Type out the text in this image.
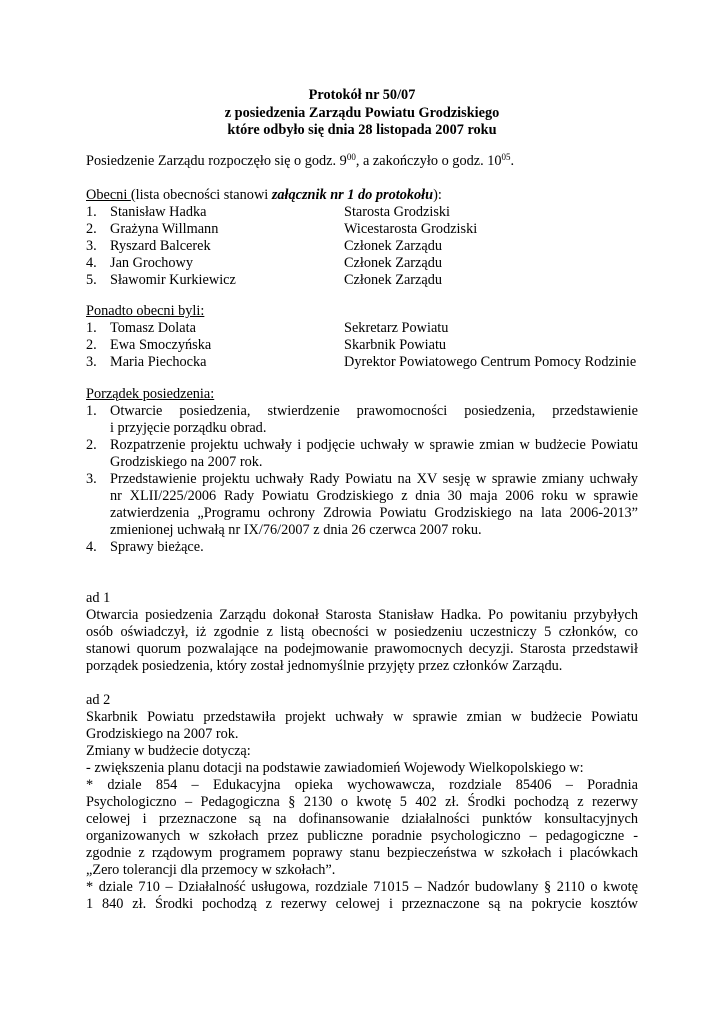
Protokół nr 50/07
z posiedzenia Zarządu Powiatu Grodziskiego
które odbyło się dnia 28 listopada 2007 roku
Posiedzenie Zarządu rozpoczęło się o godz. $9^{00}$, a zakończyło o godz. $10^{05}$.
Obecni (lista obecności stanowi załącznik nr 1 do protokołu):
1. Stanisław Hadka	Starosta Grodziski
2. Grażyna Willmann	Wicestarosta Grodziski
3. Ryszard Balcerek	Członek Zarządu
4. Jan Grochowy	Członek Zarządu
5. Sławomir Kurkiewicz	Członek Zarządu
Ponadto obecni byli:
1. Tomasz Dolata	Sekretarz Powiatu
2. Ewa Smoczyńska	Skarbnik Powiatu
3. Maria Piechocka	Dyrektor Powiatowego Centrum Pomocy Rodzinie
Porządek posiedzenia:
1. Otwarcie posiedzenia, stwierdzenie prawomocności posiedzenia, przedstawienie
i przyjęcie porządku obrad.
2. Rozpatrzenie projektu uchwały i podjęcie uchwały w sprawie zmian w budżecie Powiatu
Grodziskiego na 2007 rok.
3. Przedstawienie projektu uchwały Rady Powiatu na XV sesję w sprawie zmiany uchwały
nr XLII/225/2006 Rady Powiatu Grodziskiego z dnia 30 maja 2006 roku w sprawie
zatwierdzenia „Programu ochrony Zdrowia Powiatu Grodziskiego na lata 2006-2013”
zmienionej uchwałą nr IX/76/2007 z dnia 26 czerwca 2007 roku.
4. Sprawy bieżące.
ad 1
Otwarcia posiedzenia Zarządu dokonał Starosta Stanisław Hadka. Po powitaniu przybyłych
osób oświadczył, iż zgodnie z listą obecności w posiedzeniu uczestniczy 5 członków, co
stanowi quorum pozwalające na podejmowanie prawomocnych decyzji. Starosta przedstawił
porządek posiedzenia, który został jednomyślnie przyjęty przez członków Zarządu.
ad 2
Skarbnik Powiatu przedstawiła projekt uchwały w sprawie zmian w budżecie Powiatu
Grodziskiego na 2007 rok.
Zmiany w budżecie dotyczą:
- zwiększenia planu dotacji na podstawie zawiadomień Wojewody Wielkopolskiego w:
* dziale 854 – Edukacyjna opieka wychowawcza, rozdziale 85406 – Poradnia
Psychologiczno – Pedagogiczna § 2130 o kwotę 5 402 zł. Środki pochodzą z rezerwy
celowej i przeznaczone są na dofinansowanie działalności punktów konsultacyjnych
organizowanych w szkołach przez publiczne poradnie psychologiczno – pedagogiczne -
zgodnie z rządowym programem poprawy stanu bezpieczeństwa w szkołach i placówkach
„Zero tolerancji dla przemocy w szkołach”.
* dziale 710 – Działalność usługowa, rozdziale 71015 – Nadzór budowlany § 2110 o kwotę
1 840 zł. Środki pochodzą z rezerwy celowej i przeznaczone są na pokrycie kosztów
